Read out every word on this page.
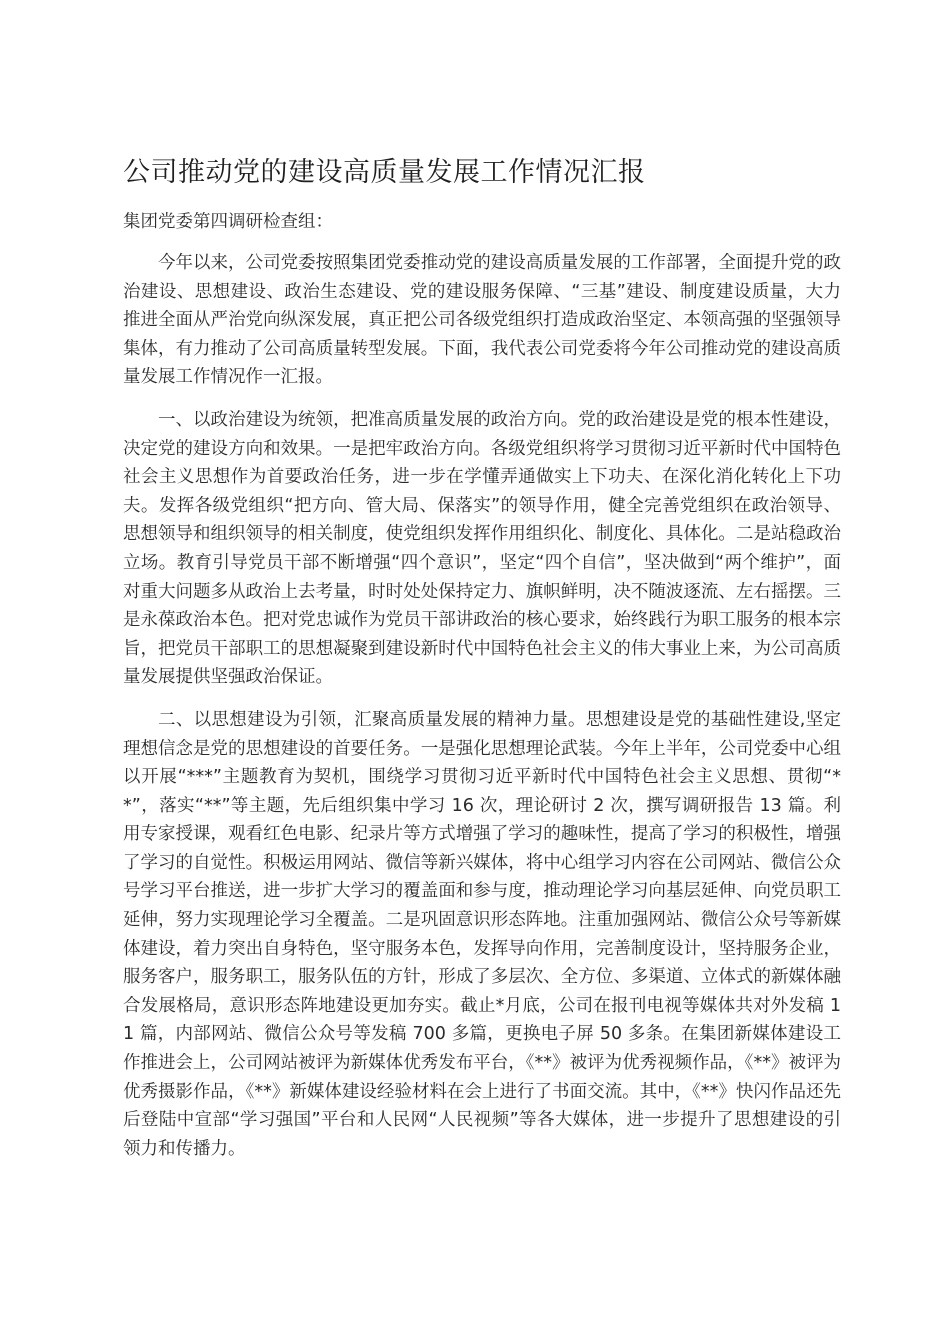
公司推动党的建设高质量发展工作情况汇报

集团党委第四调研检查组：

今年以来，公司党委按照集团党委推动党的建设高质量发展的工作部署，全面提升党的政治建设、思想建设、政治生态建设、党的建设服务保障、“三基”建设、制度建设质量，大力推进全面从严治党向纵深发展，真正把公司各级党组织打造成政治坚定、本领高强的坚强领导集体，有力推动了公司高质量转型发展。下面，我代表公司党委将今年公司推动党的建设高质量发展工作情况作一汇报。

一、以政治建设为统领，把准高质量发展的政治方向。党的政治建设是党的根本性建设，决定党的建设方向和效果。一是把牢政治方向。各级党组织将学习贯彻习近平新时代中国特色社会主义思想作为首要政治任务，进一步在学懂弄通做实上下功夫、在深化消化转化上下功夫。发挥各级党组织“把方向、管大局、保落实”的领导作用，健全完善党组织在政治领导、思想领导和组织领导的相关制度，使党组织发挥作用组织化、制度化、具体化。二是站稳政治立场。教育引导党员干部不断增强“四个意识”，坚定“四个自信”，坚决做到“两个维护”，面对重大问题多从政治上去考量，时时处处保持定力、旗帜鲜明，决不随波逐流、左右摇摆。三是永葆政治本色。把对党忠诚作为党员干部讲政治的核心要求，始终践行为职工服务的根本宗旨，把党员干部职工的思想凝聚到建设新时代中国特色社会主义的伟大事业上来，为公司高质量发展提供坚强政治保证。

二、以思想建设为引领，汇聚高质量发展的精神力量。思想建设是党的基础性建设,坚定理想信念是党的思想建设的首要任务。一是强化思想理论武装。今年上半年，公司党委中心组以开展“***”主题教育为契机，围绕学习贯彻习近平新时代中国特色社会主义思想、贯彻“**”，落实“**”等主题，先后组织集中学习 16 次，理论研讨 2 次，撰写调研报告 13 篇。利用专家授课，观看红色电影、纪录片等方式增强了学习的趣味性，提高了学习的积极性，增强了学习的自觉性。积极运用网站、微信等新兴媒体，将中心组学习内容在公司网站、微信公众号学习平台推送，进一步扩大学习的覆盖面和参与度，推动理论学习向基层延伸、向党员职工延伸，努力实现理论学习全覆盖。二是巩固意识形态阵地。注重加强网站、微信公众号等新媒体建设，着力突出自身特色，坚守服务本色，发挥导向作用，完善制度设计，坚持服务企业，服务客户，服务职工，服务队伍的方针，形成了多层次、全方位、多渠道、立体式的新媒体融合发展格局，意识形态阵地建设更加夯实。截止*月底，公司在报刊电视等媒体共对外发稿 11 篇，内部网站、微信公众号等发稿 700 多篇，更换电子屏 50 多条。在集团新媒体建设工作推进会上，公司网站被评为新媒体优秀发布平台，《**》被评为优秀视频作品，《**》被评为优秀摄影作品，《**》新媒体建设经验材料在会上进行了书面交流。其中，《**》快闪作品还先后登陆中宣部“学习强国”平台和人民网“人民视频”等各大媒体，进一步提升了思想建设的引领力和传播力。
